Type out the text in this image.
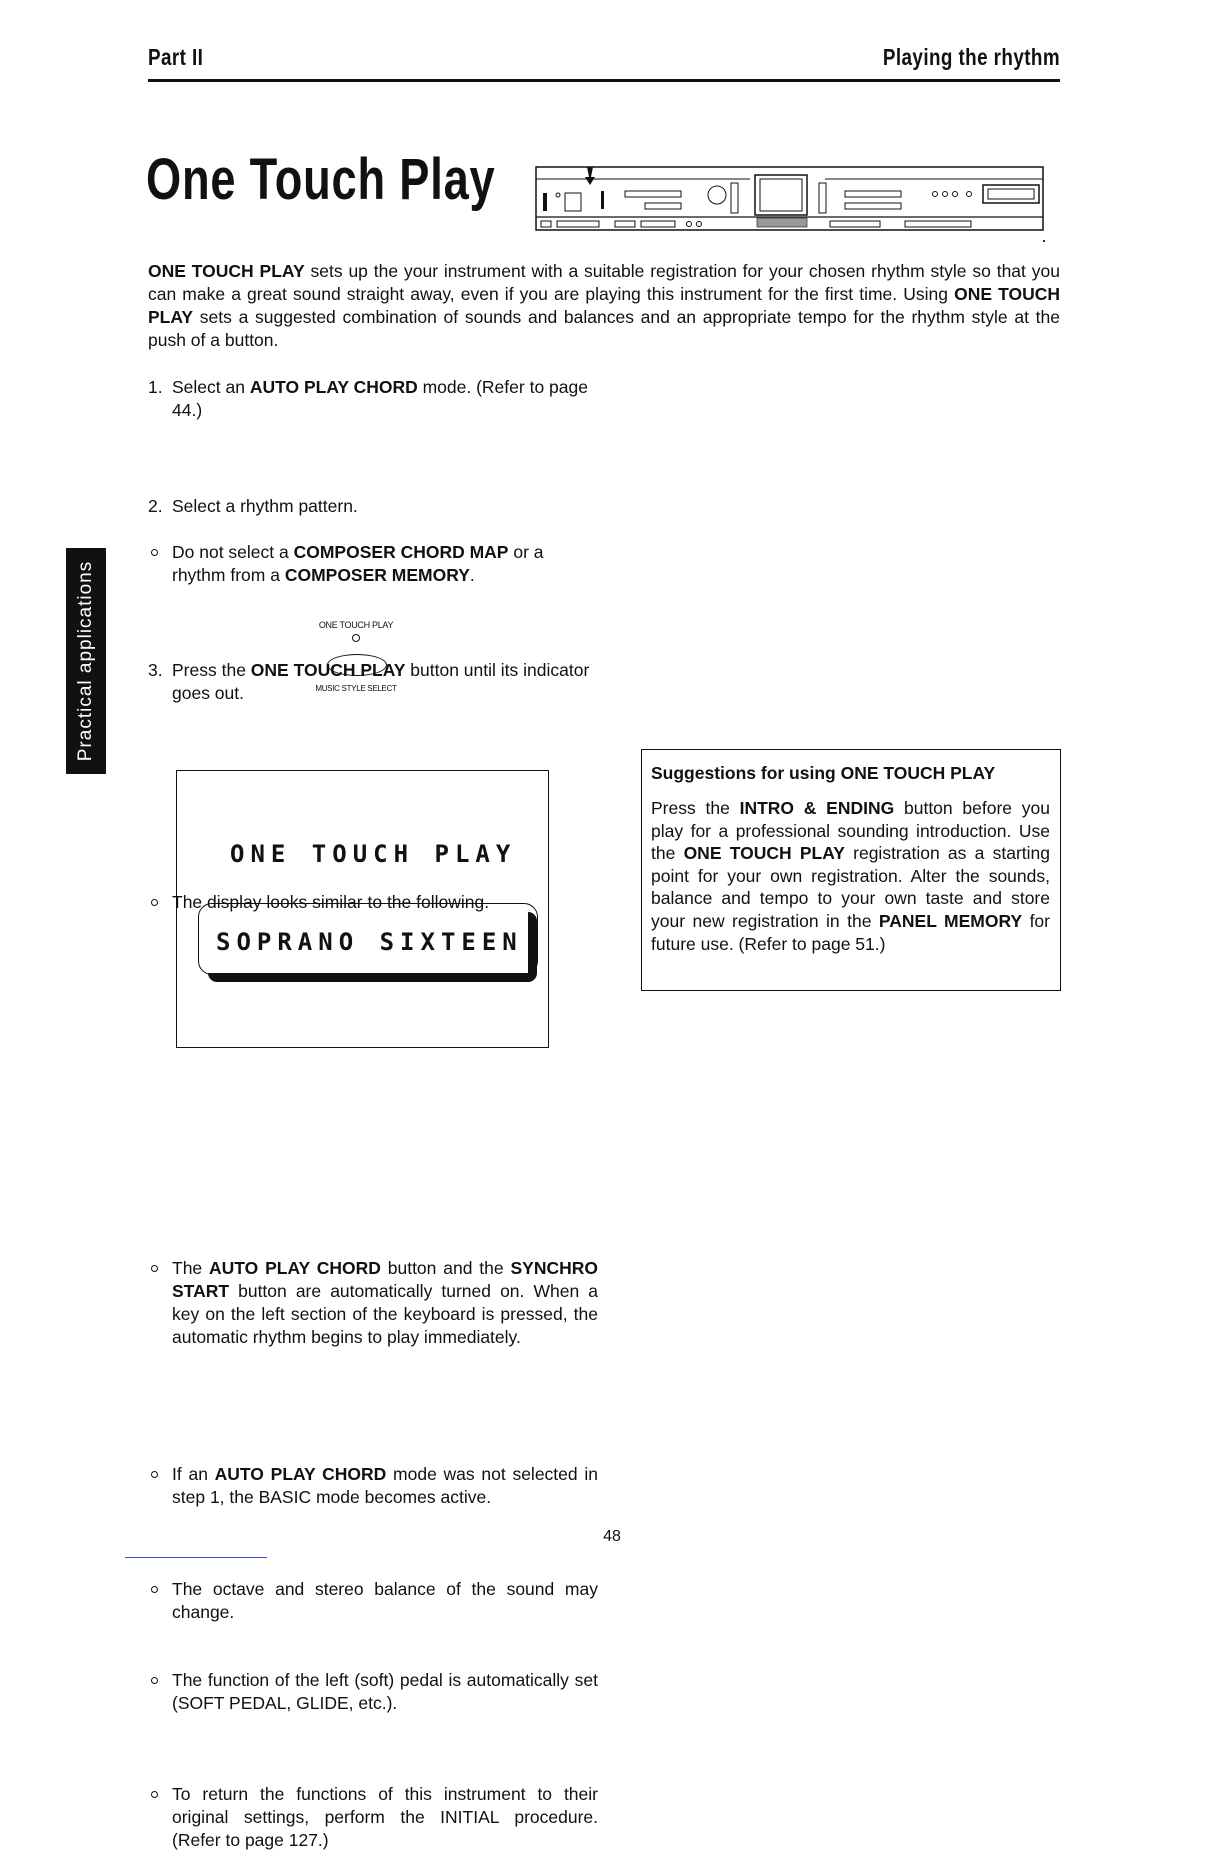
Part II	Playing the rhythm
One Touch Play
ONE TOUCH PLAY sets up the your instrument with a suitable registration for your chosen rhythm style so that you can make a great sound straight away, even if you are playing this instrument for the first time. Using ONE TOUCH PLAY sets a suggested combination of sounds and balances and an appropriate tempo for the rhythm style at the push of a button.
Practical applications
1. Select an AUTO PLAY CHORD mode. (Refer to page 44.)
2. Select a rhythm pattern.
Do not select a COMPOSER CHORD MAP or a rhythm from a COMPOSER MEMORY.
3. Press the ONE TOUCH PLAY button until its indicator goes out.
ONE TOUCH PLAY
MUSIC STYLE SELECT
The display looks similar to the following.
ONE TOUCH PLAY
SOPRANO SIXTEEN
The AUTO PLAY CHORD button and the SYNCHRO START button are automatically turned on. When a key on the left section of the keyboard is pressed, the automatic rhythm begins to play immediately.
If an AUTO PLAY CHORD mode was not selected in step 1, the BASIC mode becomes active.
The octave and stereo balance of the sound may change.
The function of the left (soft) pedal is automatically set (SOFT PEDAL, GLIDE, etc.).
To return the functions of this instrument to their original settings, perform the INITIAL procedure. (Refer to page 127.)
Suggestions for using ONE TOUCH PLAY
Press the INTRO & ENDING button before you play for a professional sounding introduction. Use the ONE TOUCH PLAY registration as a starting point for your own registration. Alter the sounds, balance and tempo to your own taste and store your new registration in the PANEL MEMORY for future use. (Refer to page 51.)
48
